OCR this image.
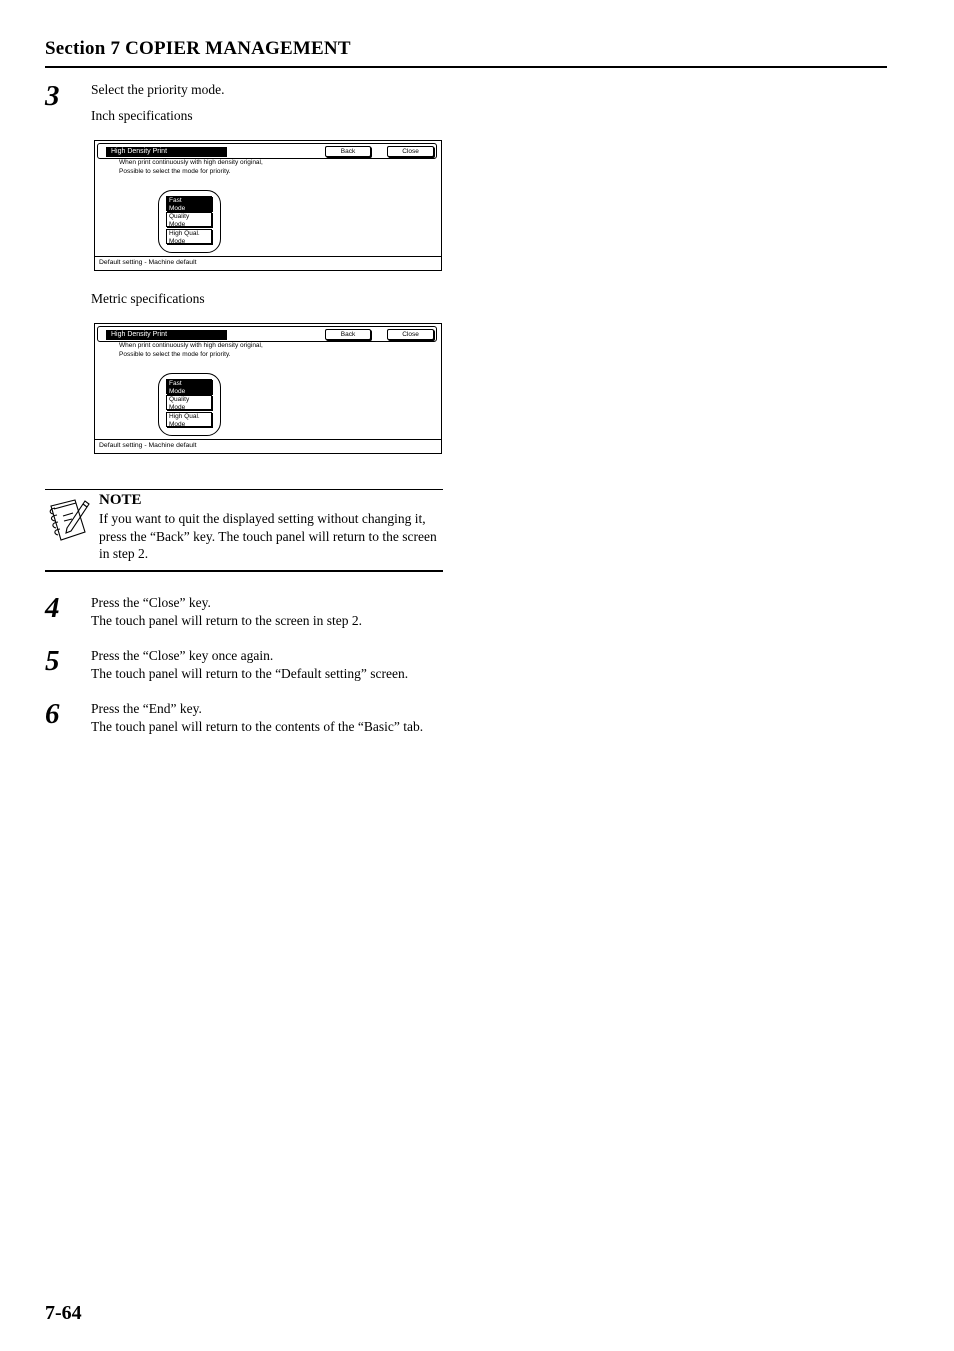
Section 7 COPIER MANAGEMENT
3 Select the priority mode.
Inch specifications
High Density Print	Back	Close
When print continuously with high density original,
Possible to select the mode for priority.
Fast
Mode
Quality
Mode
High Qual.
Mode
Default setting - Machine default
Metric specifications
High Density Print	Back	Close
When print continuously with high density original,
Possible to select the mode for priority.
Fast
Mode
Quality
Mode
High Qual.
Mode
Default setting - Machine default
NOTE
If you want to quit the displayed setting without changing it, press the “Back” key. The touch panel will return to the screen in step 2.
4 Press the “Close” key.
The touch panel will return to the screen in step 2.
5 Press the “Close” key once again.
The touch panel will return to the “Default setting” screen.
6 Press the “End” key.
The touch panel will return to the contents of the “Basic” tab.
7-64
